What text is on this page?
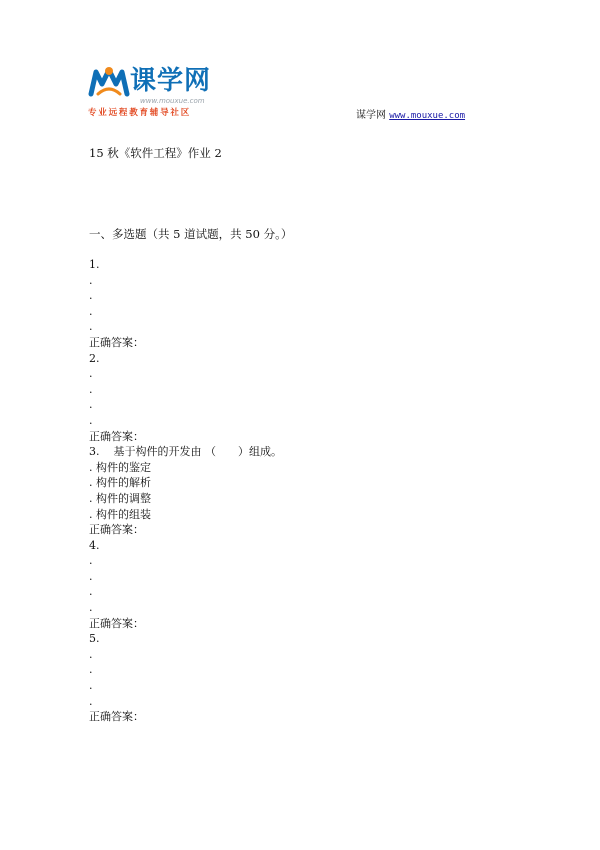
课学网
www.mouxue.com
专业远程教育辅导社区	谋学网 www.mouxue.com
15 秋《软件工程》作业 2
一、多选题（共 5 道试题，共 50 分。）
1.
.
.
.
.
正确答案：
2.
.
.
.
.
正确答案：
3. 基于构件的开发由 （　　）组成。
. 构件的鉴定
. 构件的解析
. 构件的调整
. 构件的组装
正确答案：
4.
.
.
.
.
正确答案：
5.
.
.
.
.
正确答案：
